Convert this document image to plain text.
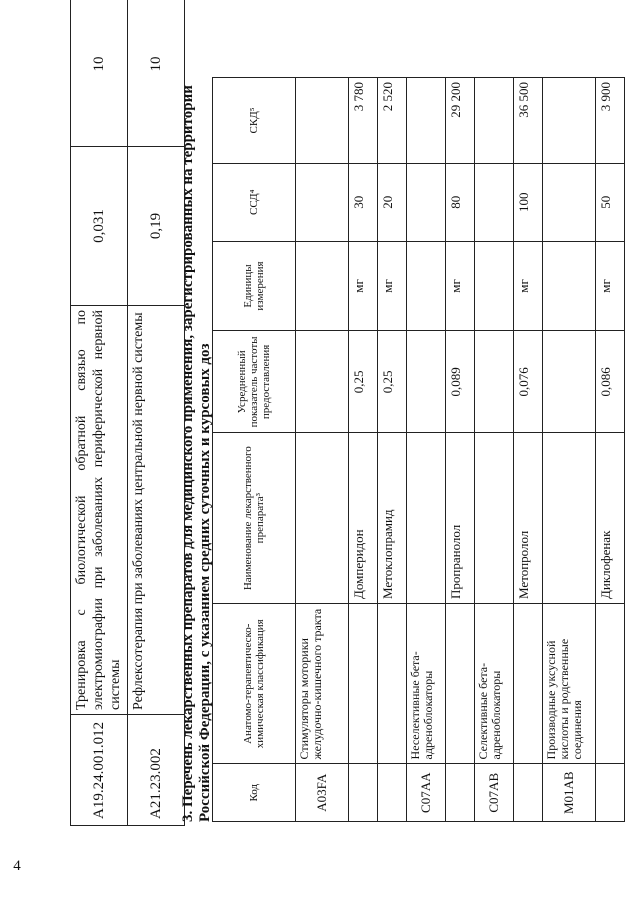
4
A19.24.001.012	Тренировка с биологической обратной связью по электромиографии при заболеваниях периферической нервной системы	0,031	10
A21.23.002	Рефлексотерапия при заболеваниях центральной нервной системы	0,19	10
3. Перечень лекарственных препаратов для медицинского применения, зарегистрированных на территории Российской Федерации, с указанием средних суточных и курсовых доз	Код	Анатомо-терапевтическо-химическая классификация	Наименование лекарственного препарата³	Усредненный показатель частоты предоставления	Единицы измерения	ССД⁴	СКД⁵
A03FA	Стимуляторы моторики желудочно-кишечного тракта					
		Домперидон	0,25	мг	30	3 780
		Метоклопрамид	0,25	мг	20	2 520
C07AA	Неселективные бета-адреноблокаторы					
		Пропранолол	0,089	мг	80	29 200
C07AB	Селективные бета-адреноблокаторы					
		Метопролол	0,076	мг	100	36 500
M01AB	Производные уксусной кислоты и родственные соединения					
		Диклофенак	0,086	мг	50	3 900
